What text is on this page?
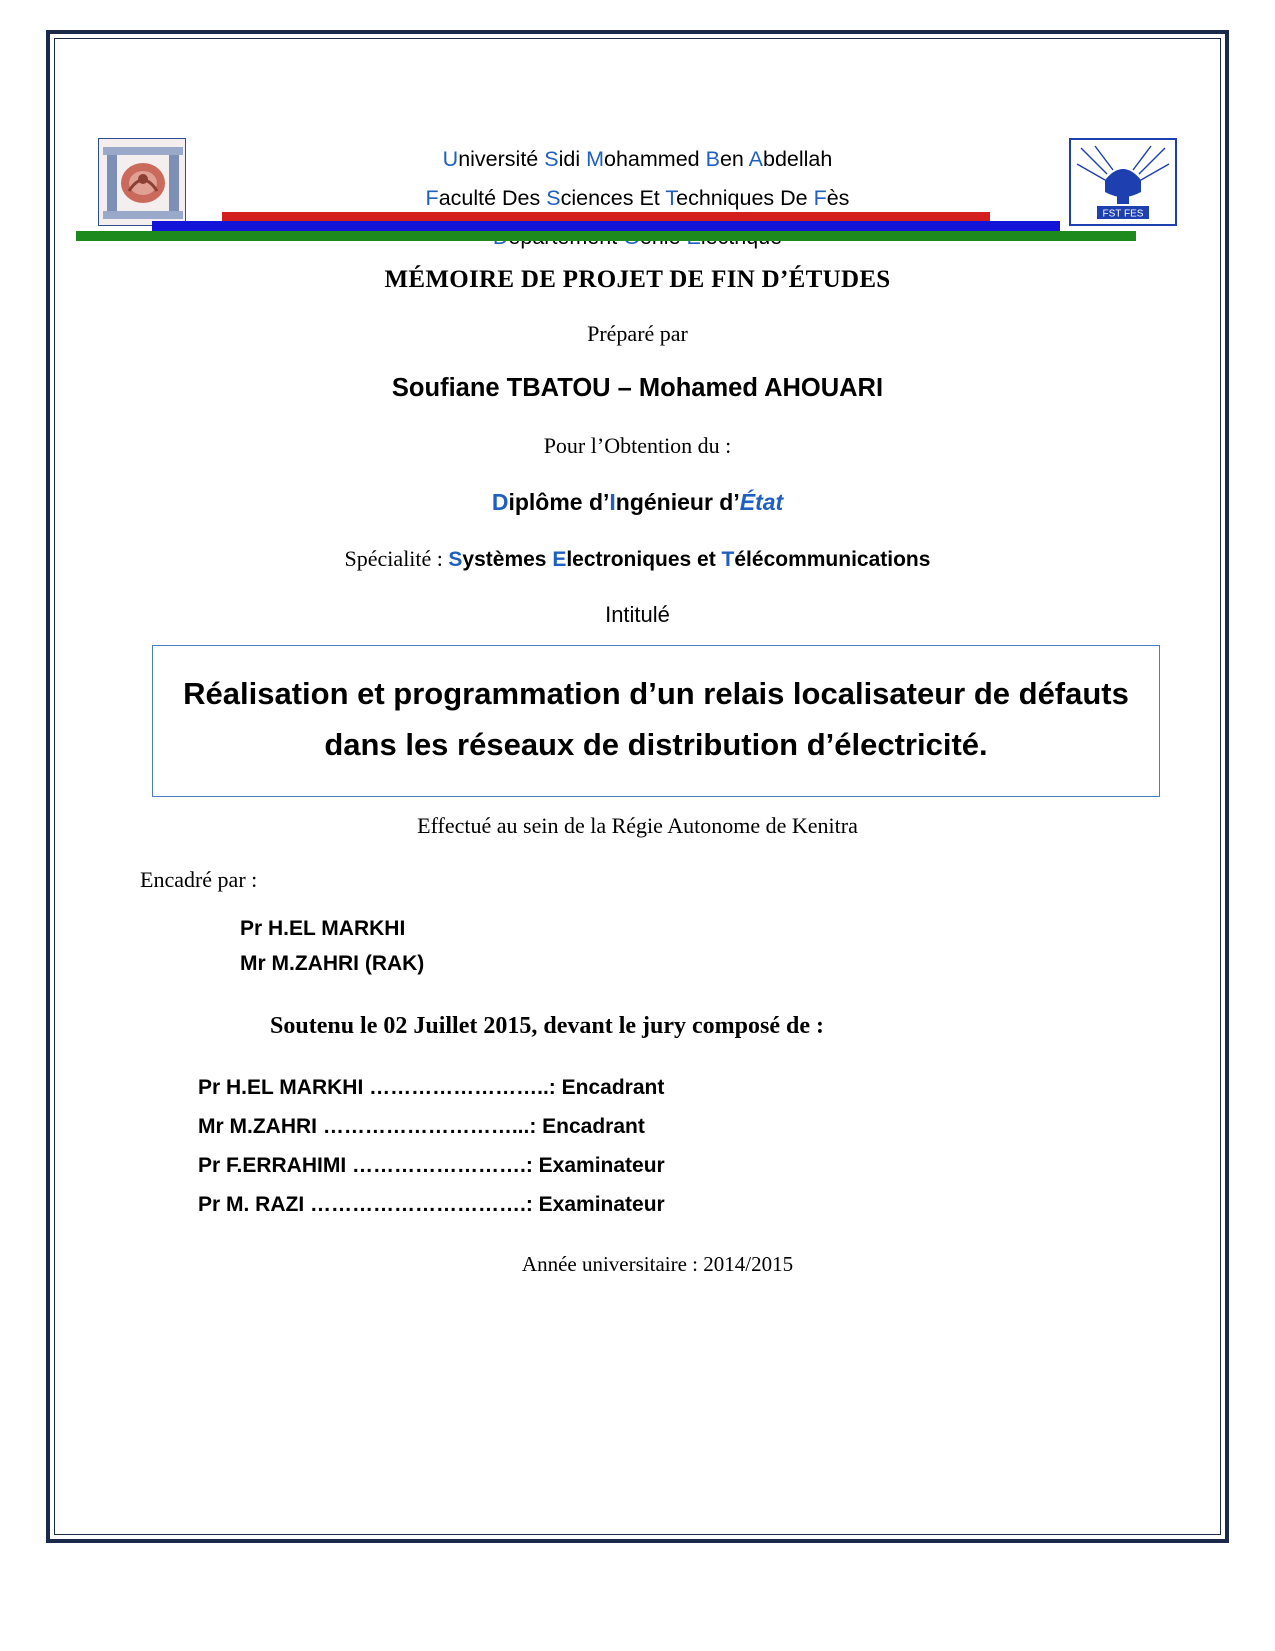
Université Sidi Mohammed Ben Abdellah
Faculté Des Sciences Et Techniques De Fès
FST FES
MÉMOIRE DE PROJET DE FIN D’ÉTUDES
Préparé par
Soufiane TBATOU – Mohamed AHOUARI
Pour l’Obtention du :
Diplôme d’Ingénieur d’État
Spécialité : Systèmes Electroniques et Télécommunications
Intitulé
Réalisation et programmation d’un relais localisateur de défauts dans les réseaux de distribution d’électricité.
Effectué au sein de la Régie Autonome de Kenitra
Encadré par :
Pr H.EL MARKHI
Mr M.ZAHRI (RAK)
Soutenu le 02 Juillet 2015, devant le jury composé de :
Pr H.EL MARKHI ……………………..: Encadrant
Mr M.ZAHRI ………………………...: Encadrant
Pr F.ERRAHIMI …………………….: Examinateur
Pr M. RAZI ………………………….: Examinateur
Année universitaire : 2014/2015
